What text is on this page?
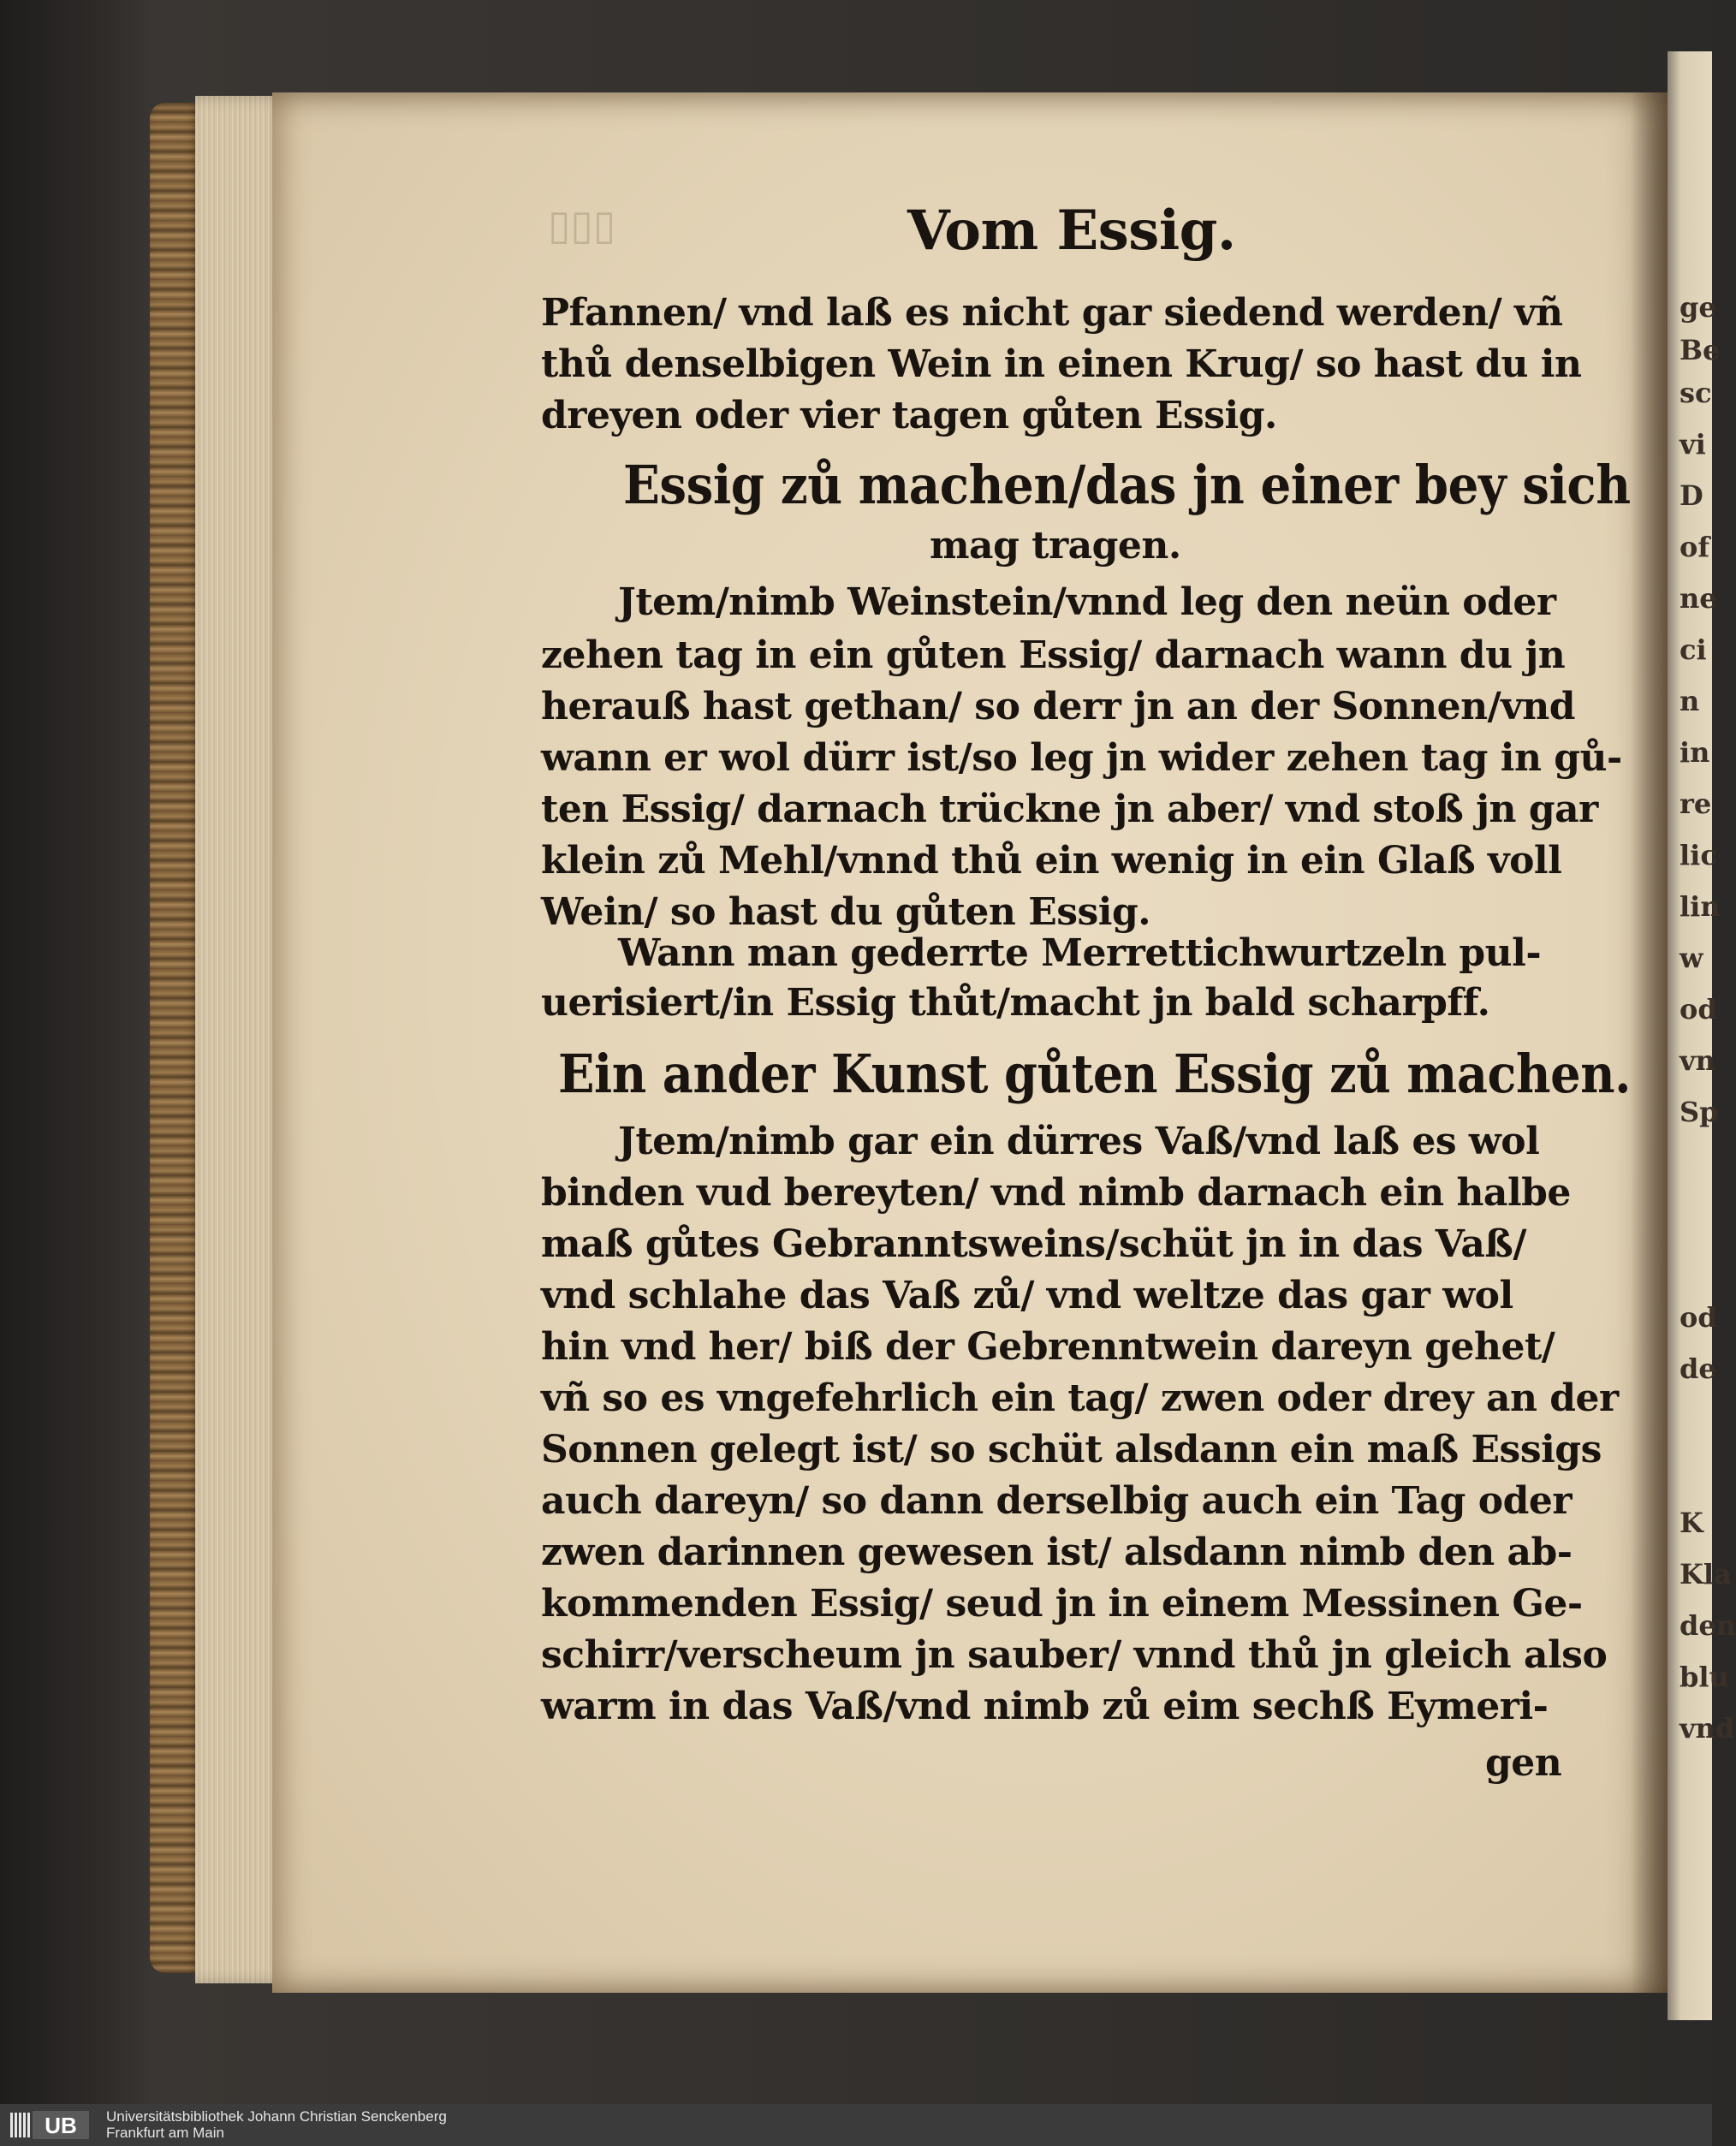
▯▯▯	Vom Essig.
Pfannen/ vnd laß es nicht gar siedend werden/ vñ
thů denselbigen Wein in einen Krug/ so hast du in
dreyen oder vier tagen gůten Essig.
Essig zů machen/das jn einer bey sich
mag tragen.
Jtem/nimb Weinstein/vnnd leg den neün oder
zehen tag in ein gůten Essig/ darnach wann du jn
herauß hast gethan/ so derr jn an der Sonnen/vnd
wann er wol dürr ist/so leg jn wider zehen tag in gů-
ten Essig/ darnach trückne jn aber/ vnd stoß jn gar
klein zů Mehl/vnnd thů ein wenig in ein Glaß voll
Wein/ so hast du gůten Essig.
Wann man gederrte Merrettichwurtzeln pul-
uerisiert/in Essig thůt/macht jn bald scharpff.
Ein ander Kunst gůten Essig zů machen.
Jtem/nimb gar ein dürres Vaß/vnd laß es wol
binden vud bereyten/ vnd nimb darnach ein halbe
maß gůtes Gebranntsweins/schüt jn in das Vaß/
vnd schlahe das Vaß zů/ vnd weltze das gar wol
hin vnd her/ biß der Gebrenntwein dareyn gehet/
vñ so es vngefehrlich ein tag/ zwen oder drey an der
Sonnen gelegt ist/ so schüt alsdann ein maß Essigs
auch dareyn/ so dann derselbig auch ein Tag oder
zwen darinnen gewesen ist/ alsdann nimb den ab-
kommenden Essig/ seud jn in einem Messinen Ge-
schirr/verscheum jn sauber/ vnnd thů jn gleich also
warm in das Vaß/vnd nimb zů eim sechß Eymeri-
gen
ge
Be
sc
vi
D
of
ne
ci
n
in
re
lic
lin
w
od
vn
Sp
od
de
K
Kla
den
blu
vnd
UB Universitätsbibliothek Johann Christian Senckenberg
Frankfurt am Main
